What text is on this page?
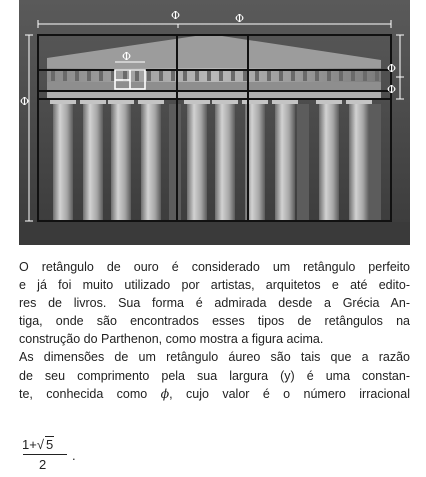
Φ	Φ
Φ
Φ
Φ
Φ

O retângulo de ouro é considerado um retângulo perfeito
e já foi muito utilizado por artistas, arquitetos e até edito-
res de livros. Sua forma é admirada desde a Grécia An-
tiga, onde são encontrados esses tipos de retângulos na
construção do Parthenon, como mostra a figura acima.
As dimensões de um retângulo áureo são tais que a razão
de seu comprimento pela sua largura (y) é uma constan-
te, conhecida como ϕ, cujo valor é o número irracional

1+√ 5
2
.
